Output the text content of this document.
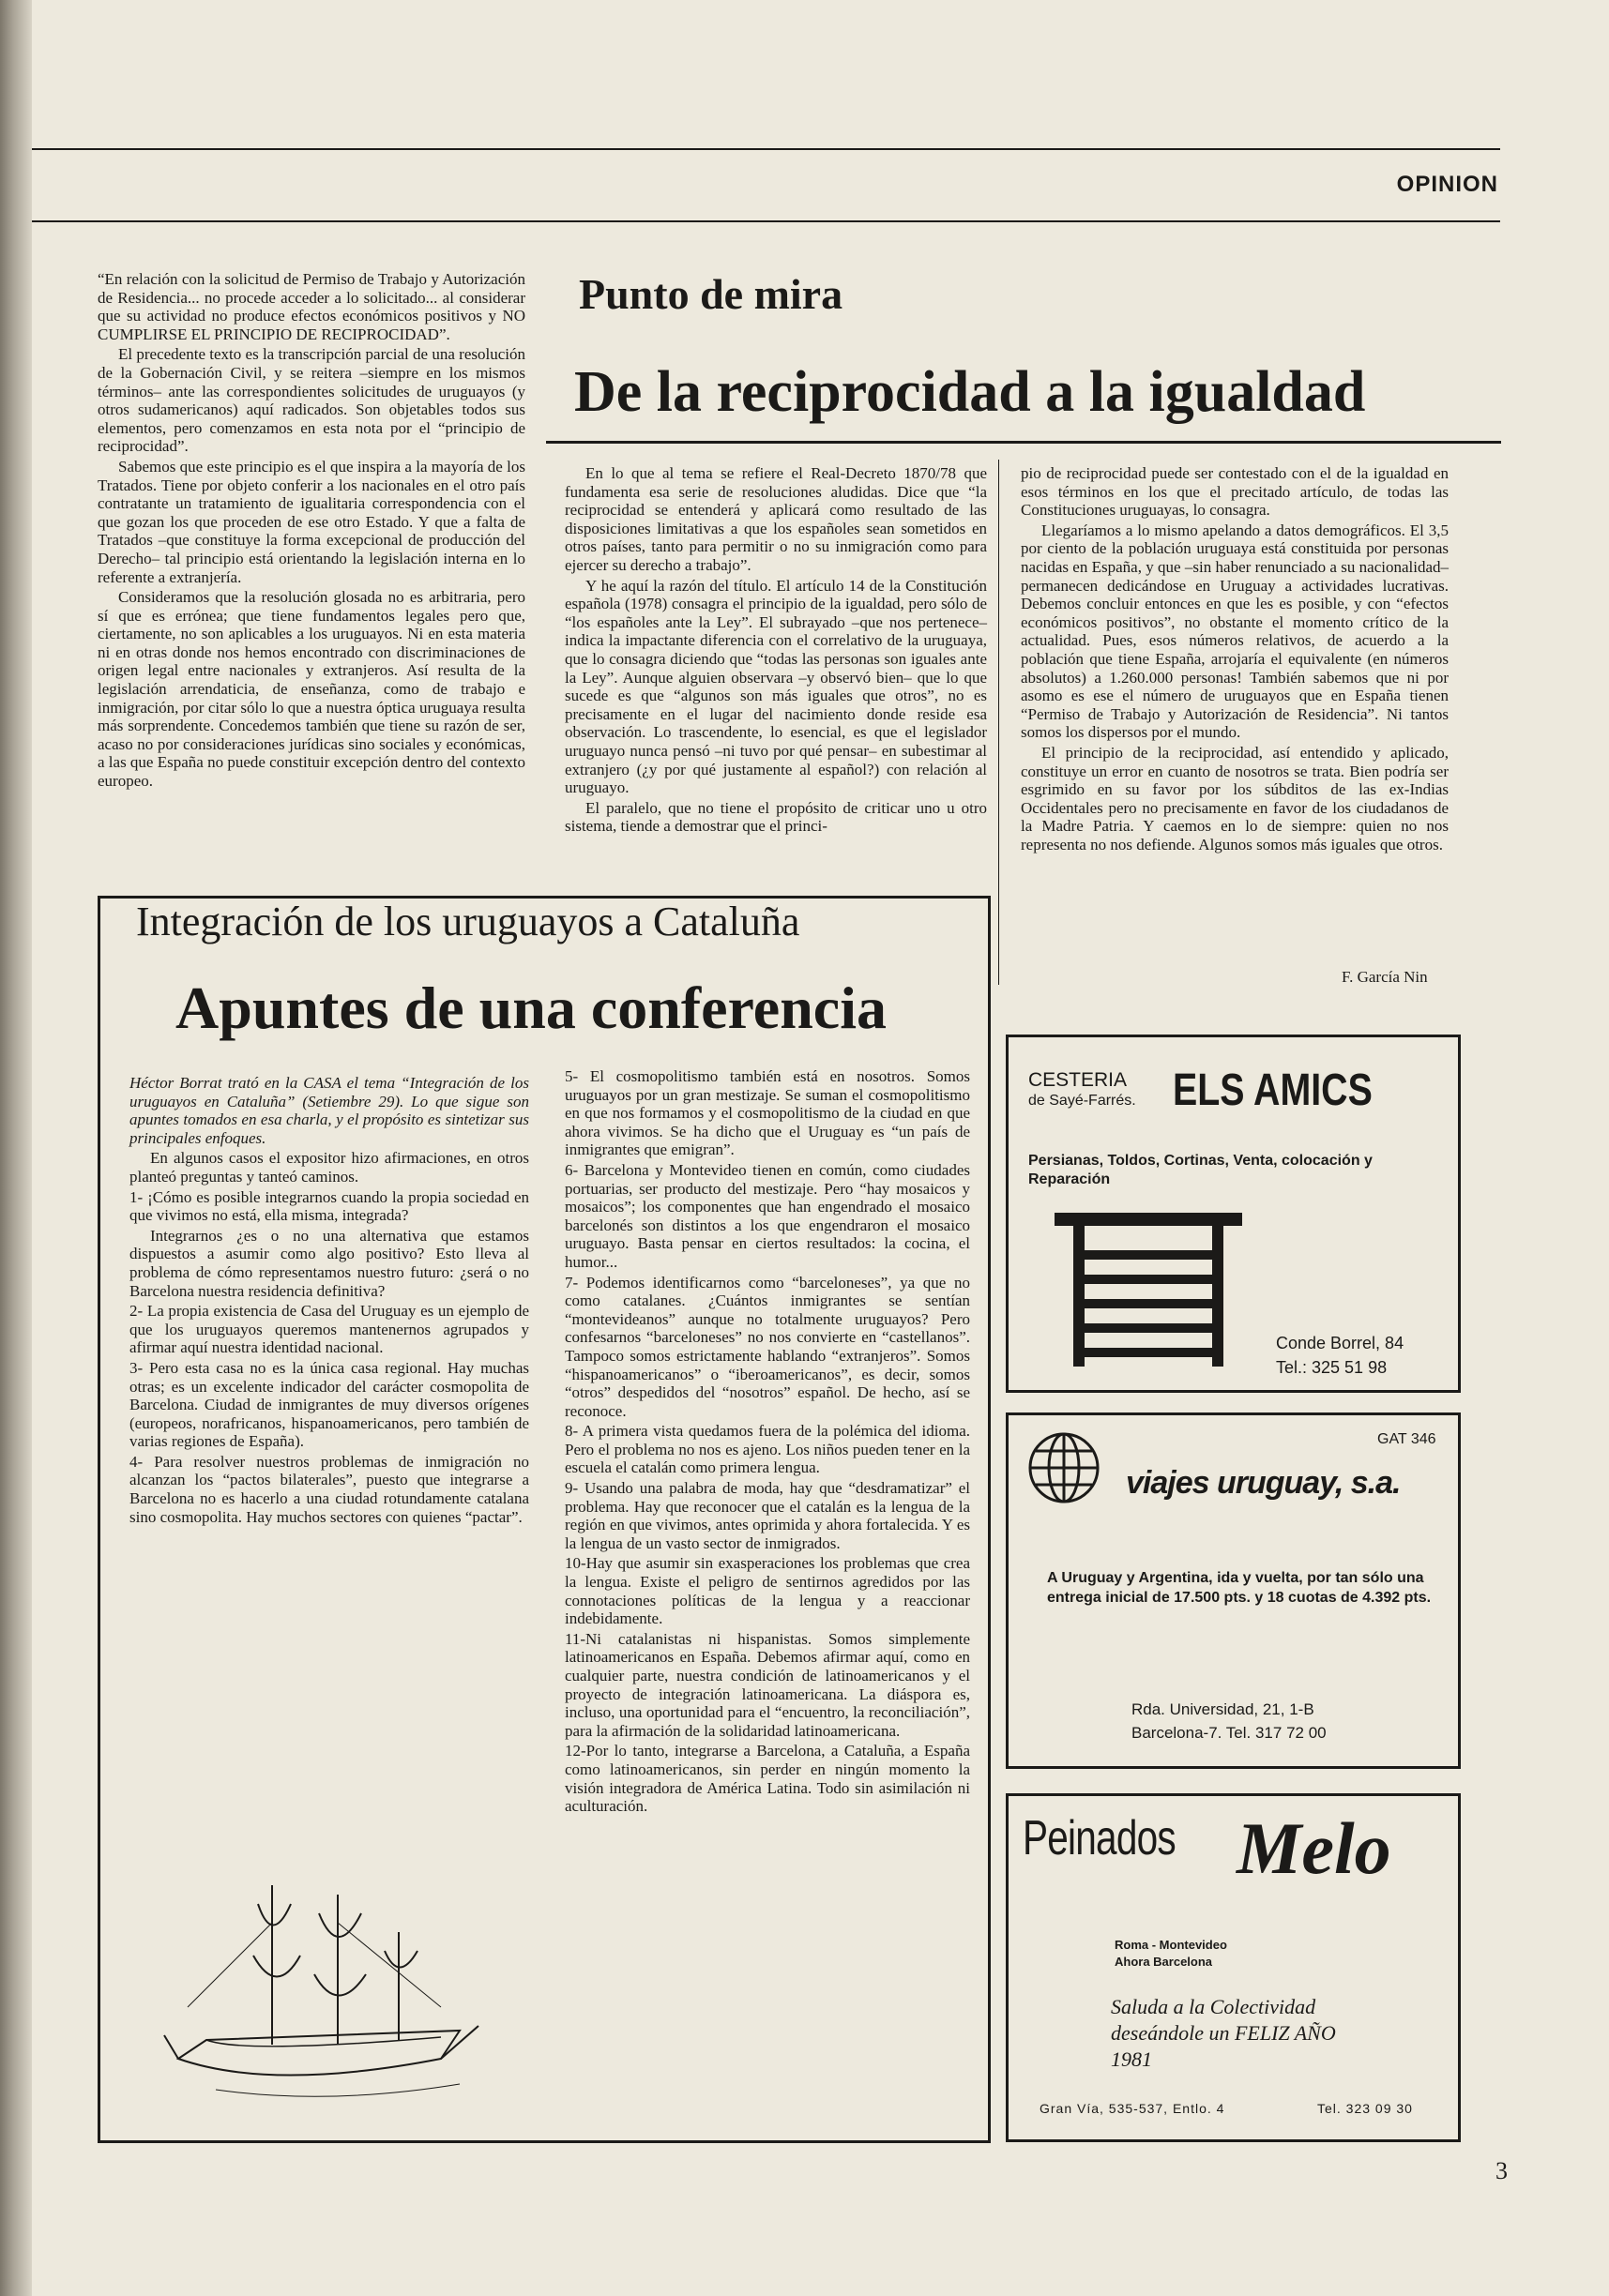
OPINION

“En relación con la solicitud de Permiso de Trabajo y Autorización de Residencia... no procede acceder a lo solicitado... al considerar que su actividad no produce efectos económicos positivos y NO CUMPLIRSE EL PRINCIPIO DE RECIPROCIDAD”.

El precedente texto es la transcripción parcial de una resolución de la Gobernación Civil, y se reitera –siempre en los mismos términos– ante las correspondientes solicitudes de uruguayos (y otros sudamericanos) aquí radicados. Son objetables todos sus elementos, pero comenzamos en esta nota por el “principio de reciprocidad”.

Sabemos que este principio es el que inspira a la mayoría de los Tratados. Tiene por objeto conferir a los nacionales en el otro país contratante un tratamiento de igualitaria correspondencia con el que gozan los que proceden de ese otro Estado. Y que a falta de Tratados –que constituye la forma excepcional de producción del Derecho– tal principio está orientando la legislación interna en lo referente a extranjería.

Consideramos que la resolución glosada no es arbitraria, pero sí que es errónea; que tiene fundamentos legales pero que, ciertamente, no son aplicables a los uruguayos. Ni en esta materia ni en otras donde nos hemos encontrado con discriminaciones de origen legal entre nacionales y extranjeros. Así resulta de la legislación arrendaticia, de enseñanza, como de trabajo e inmigración, por citar sólo lo que a nuestra óptica uruguaya resulta más sorprendente. Concedemos también que tiene su razón de ser, acaso no por consideraciones jurídicas sino sociales y económicas, a las que España no puede constituir excepción dentro del contexto europeo.

Punto de mira
De la reciprocidad a la igualdad

En lo que al tema se refiere el Real-Decreto 1870/78 que fundamenta esa serie de resoluciones aludidas. Dice que “la reciprocidad se entenderá y aplicará como resultado de las disposiciones limitativas a que los españoles sean sometidos en otros países, tanto para permitir o no su inmigración como para ejercer su derecho a trabajo”.

Y he aquí la razón del título. El artículo 14 de la Constitución española (1978) consagra el principio de la igualdad, pero sólo de “los españoles ante la Ley”. El subrayado –que nos pertenece– indica la impactante diferencia con el correlativo de la uruguaya, que lo consagra diciendo que “todas las personas son iguales ante la Ley”. Aunque alguien observara –y observó bien– que lo que sucede es que “algunos son más iguales que otros”, no es precisamente en el lugar del nacimiento donde reside esa observación. Lo trascendente, lo esencial, es que el legislador uruguayo nunca pensó –ni tuvo por qué pensar– en subestimar al extranjero (¿y por qué justamente al español?) con relación al uruguayo.

El paralelo, que no tiene el propósito de criticar uno u otro sistema, tiende a demostrar que el princi-

pio de reciprocidad puede ser contestado con el de la igualdad en esos términos en los que el precitado artículo, de todas las Constituciones uruguayas, lo consagra.

Llegaríamos a lo mismo apelando a datos demográficos. El 3,5 por ciento de la población uruguaya está constituida por personas nacidas en España, y que –sin haber renunciado a su nacionalidad– permanecen dedicándose en Uruguay a actividades lucrativas. Debemos concluir entonces en que les es posible, y con “efectos económicos positivos”, no obstante el momento crítico de la actualidad. Pues, esos números relativos, de acuerdo a la población que tiene España, arrojaría el equivalente (en números absolutos) a 1.260.000 personas! También sabemos que ni por asomo es ese el número de uruguayos que en España tienen “Permiso de Trabajo y Autorización de Residencia”. Ni tantos somos los dispersos por el mundo.

El principio de la reciprocidad, así entendido y aplicado, constituye un error en cuanto de nosotros se trata. Bien podría ser esgrimido en su favor por los súbditos de las ex-Indias Occidentales pero no precisamente en favor de los ciudadanos de la Madre Patria. Y caemos en lo de siempre: quien no nos representa no nos defiende. Algunos somos más iguales que otros.

F. García Nin
Integración de los uruguayos a Cataluña
Apuntes de una conferencia

Héctor Borrat trató en la CASA el tema “Integración de los uruguayos en Cataluña” (Setiembre 29). Lo que sigue son apuntes tomados en esa charla, y el propósito es sintetizar sus principales enfoques.

En algunos casos el expositor hizo afirmaciones, en otros planteó preguntas y tanteó caminos.

1- ¡Cómo es posible integrarnos cuando la propia sociedad en que vivimos no está, ella misma, integrada?

Integrarnos ¿es o no una alternativa que estamos dispuestos a asumir como algo positivo? Esto lleva al problema de cómo representamos nuestro futuro: ¿será o no Barcelona nuestra residencia definitiva?

2- La propia existencia de Casa del Uruguay es un ejemplo de que los uruguayos queremos mantenernos agrupados y afirmar aquí nuestra identidad nacional.

3- Pero esta casa no es la única casa regional. Hay muchas otras; es un excelente indicador del carácter cosmopolita de Barcelona. Ciudad de inmigrantes de muy diversos orígenes (europeos, norafricanos, hispanoamericanos, pero también de varias regiones de España).

4- Para resolver nuestros problemas de inmigración no alcanzan los “pactos bilaterales”, puesto que integrarse a Barcelona no es hacerlo a una ciudad rotundamente catalana sino cosmopolita. Hay muchos sectores con quienes “pactar”.

5- El cosmopolitismo también está en nosotros. Somos uruguayos por un gran mestizaje. Se suman el cosmopolitismo en que nos formamos y el cosmopolitismo de la ciudad en que ahora vivimos. Se ha dicho que el Uruguay es “un país de inmigrantes que emigran”.

6- Barcelona y Montevideo tienen en común, como ciudades portuarias, ser producto del mestizaje. Pero “hay mosaicos y mosaicos”; los componentes que han engendrado el mosaico barcelonés son distintos a los que engendraron el mosaico uruguayo. Basta pensar en ciertos resultados: la cocina, el humor...

7- Podemos identificarnos como “barceloneses”, ya que no como catalanes. ¿Cuántos inmigrantes se sentían “montevideanos” aunque no totalmente uruguayos? Pero confesarnos “barceloneses” no nos convierte en “castellanos”. Tampoco somos estrictamente hablando “extranjeros”. Somos “hispanoamericanos” o “iberoamericanos”, es decir, somos “otros” despedidos del “nosotros” español. De hecho, así se reconoce.

8- A primera vista quedamos fuera de la polémica del idioma. Pero el problema no nos es ajeno. Los niños pueden tener en la escuela el catalán como primera lengua.

9- Usando una palabra de moda, hay que “desdramatizar” el problema. Hay que reconocer que el catalán es la lengua de la región en que vivimos, antes oprimida y ahora fortalecida. Y es la lengua de un vasto sector de inmigrados.

10-Hay que asumir sin exasperaciones los problemas que crea la lengua. Existe el peligro de sentirnos agredidos por las connotaciones políticas de la lengua y a reaccionar indebidamente.

11-Ni catalanistas ni hispanistas. Somos simplemente latinoamericanos en España. Debemos afirmar aquí, como en cualquier parte, nuestra condición de latinoamericanos y el proyecto de integración latinoamericana. La diáspora es, incluso, una oportunidad para el “encuentro, la reconciliación”, para la afirmación de la solidaridad latinoamericana.

12-Por lo tanto, integrarse a Barcelona, a Cataluña, a España como latinoamericanos, sin perder en ningún momento la visión integradora de América Latina. Todo sin asimilación ni aculturación.

CESTERIA
de Sayé-Farrés. ELS AMICS
Persianas, Toldos, Cortinas, Venta, colocación y Reparación
Conde Borrel, 84
Tel.: 325 51 98
GAT 346
viajes uruguay, s.a.
A Uruguay y Argentina, ida y vuelta, por tan sólo una entrega inicial de 17.500 pts. y 18 cuotas de 4.392 pts.
Rda. Universidad, 21, 1-B
Barcelona-7. Tel. 317 72 00
Peinados Melo
Roma - Montevideo
Ahora Barcelona
Saluda a la Colectividad deseándole un FELIZ AÑO 1981
Gran Vía, 535-537, Entlo. 4	Tel. 323 09 30
3
